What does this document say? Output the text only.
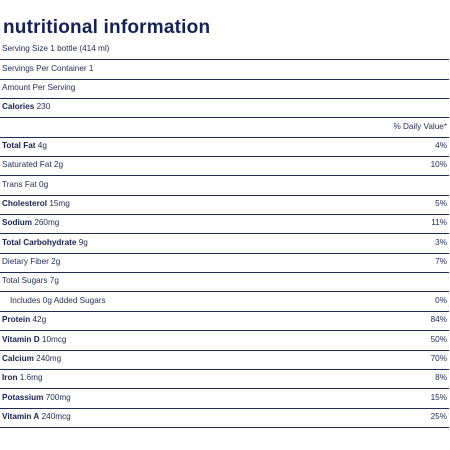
nutritional information
Serving Size 1 bottle (414 ml)
Servings Per Container 1
Amount Per Serving
Calories 230
% Daily Value*
Total Fat 4g	4%
Saturated Fat 2g	10%
Trans Fat 0g
Cholesterol 15mg	5%
Sodium 260mg	11%
Total Carbohydrate 9g	3%
Dietary Fiber 2g	7%
Total Sugars 7g
Includes 0g Added Sugars	0%
Protein 42g	84%
Vitamin D 10mcg	50%
Calcium 240mg	70%
Iron 1.6mg	8%
Potassium 700mg	15%
Vitamin A 240mcg	25%
